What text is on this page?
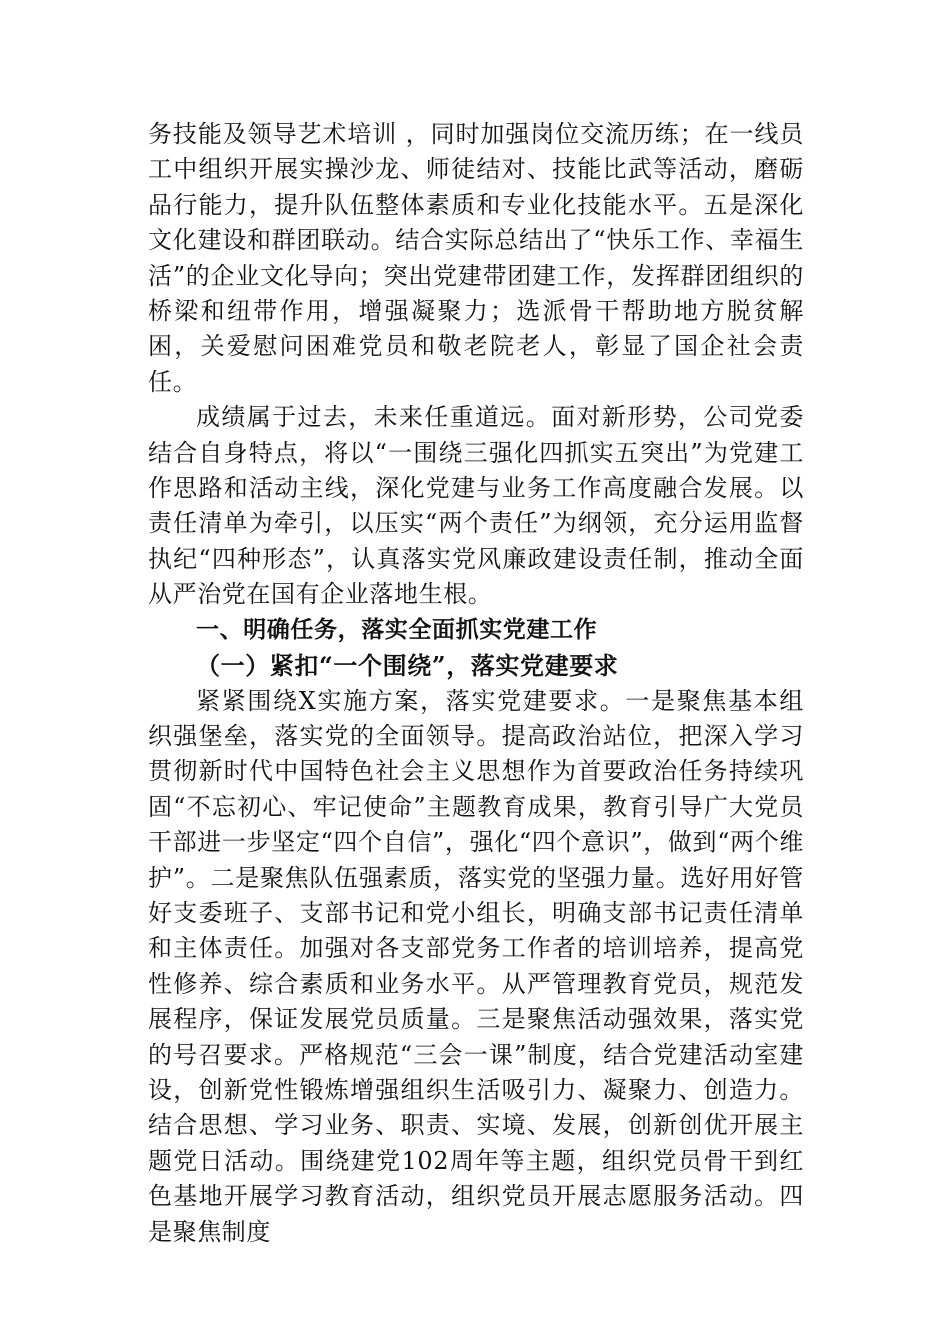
务技能及领导艺术培训 ，同时加强岗位交流历练；在一线员工中组织开展实操沙龙、师徒结对、技能比武等活动，磨砺品行能力，提升队伍整体素质和专业化技能水平。五是深化文化建设和群团联动。结合实际总结出了“快乐工作、幸福生活”的企业文化导向；突出党建带团建工作，发挥群团组织的桥梁和纽带作用，增强凝聚力；选派骨干帮助地方脱贫解困，关爱慰问困难党员和敬老院老人，彰显了国企社会责任。

成绩属于过去，未来任重道远。面对新形势，公司党委结合自身特点，将以“一围绕三强化四抓实五突出”为党建工作思路和活动主线，深化党建与业务工作高度融合发展。以责任清单为牵引，以压实“两个责任”为纲领，充分运用监督执纪“四种形态”，认真落实党风廉政建设责任制，推动全面从严治党在国有企业落地生根。

一、明确任务，落实全面抓实党建工作

（一）紧扣“一个围绕”，落实党建要求

紧紧围绕X实施方案，落实党建要求。一是聚焦基本组织强堡垒，落实党的全面领导。提高政治站位，把深入学习贯彻新时代中国特色社会主义思想作为首要政治任务持续巩固“不忘初心、牢记使命”主题教育成果，教育引导广大党员干部进一步坚定“四个自信”，强化“四个意识”，做到“两个维护”。二是聚焦队伍强素质，落实党的坚强力量。选好用好管好支委班子、支部书记和党小组长，明确支部书记责任清单和主体责任。加强对各支部党务工作者的培训培养，提高党性修养、综合素质和业务水平。从严管理教育党员，规范发展程序，保证发展党员质量。三是聚焦活动强效果，落实党的号召要求。严格规范“三会一课”制度，结合党建活动室建设，创新党性锻炼增强组织生活吸引力、凝聚力、创造力。结合思想、学习业务、职责、实境、发展，创新创优开展主题党日活动。围绕建党102周年等主题，组织党员骨干到红色基地开展学习教育活动，组织党员开展志愿服务活动。四是聚焦制度
